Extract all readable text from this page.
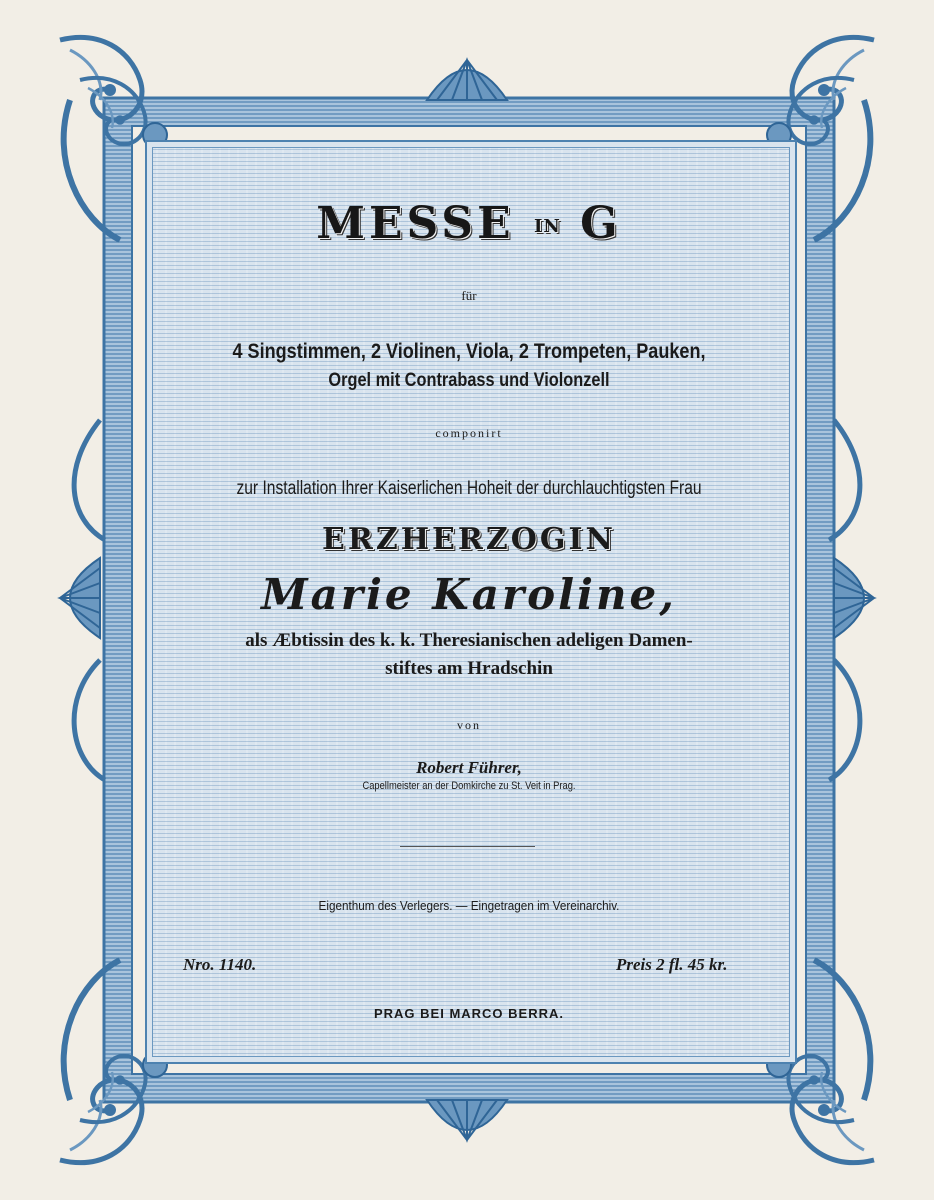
MESSE IN G
für
4 Singstimmen, 2 Violinen, Viola, 2 Trompeten, Pauken,
Orgel mit Contrabass und Violonzell
componirt
zur Installation Ihrer Kaiserlichen Hoheit der durchlauchtigsten Frau
ERZHERZOGIN
Marie Karoline,
als Æbtissin des k. k. Theresianischen adeligen Damen-
stiftes am Hradschin
von
Robert Führer,
Capellmeister an der Domkirche zu St. Veit in Prag.
Eigenthum des Verlegers. — Eingetragen im Vereinarchiv.
Nro. 1140.	Preis 2 fl. 45 kr.
PRAG BEI MARCO BERRA.
